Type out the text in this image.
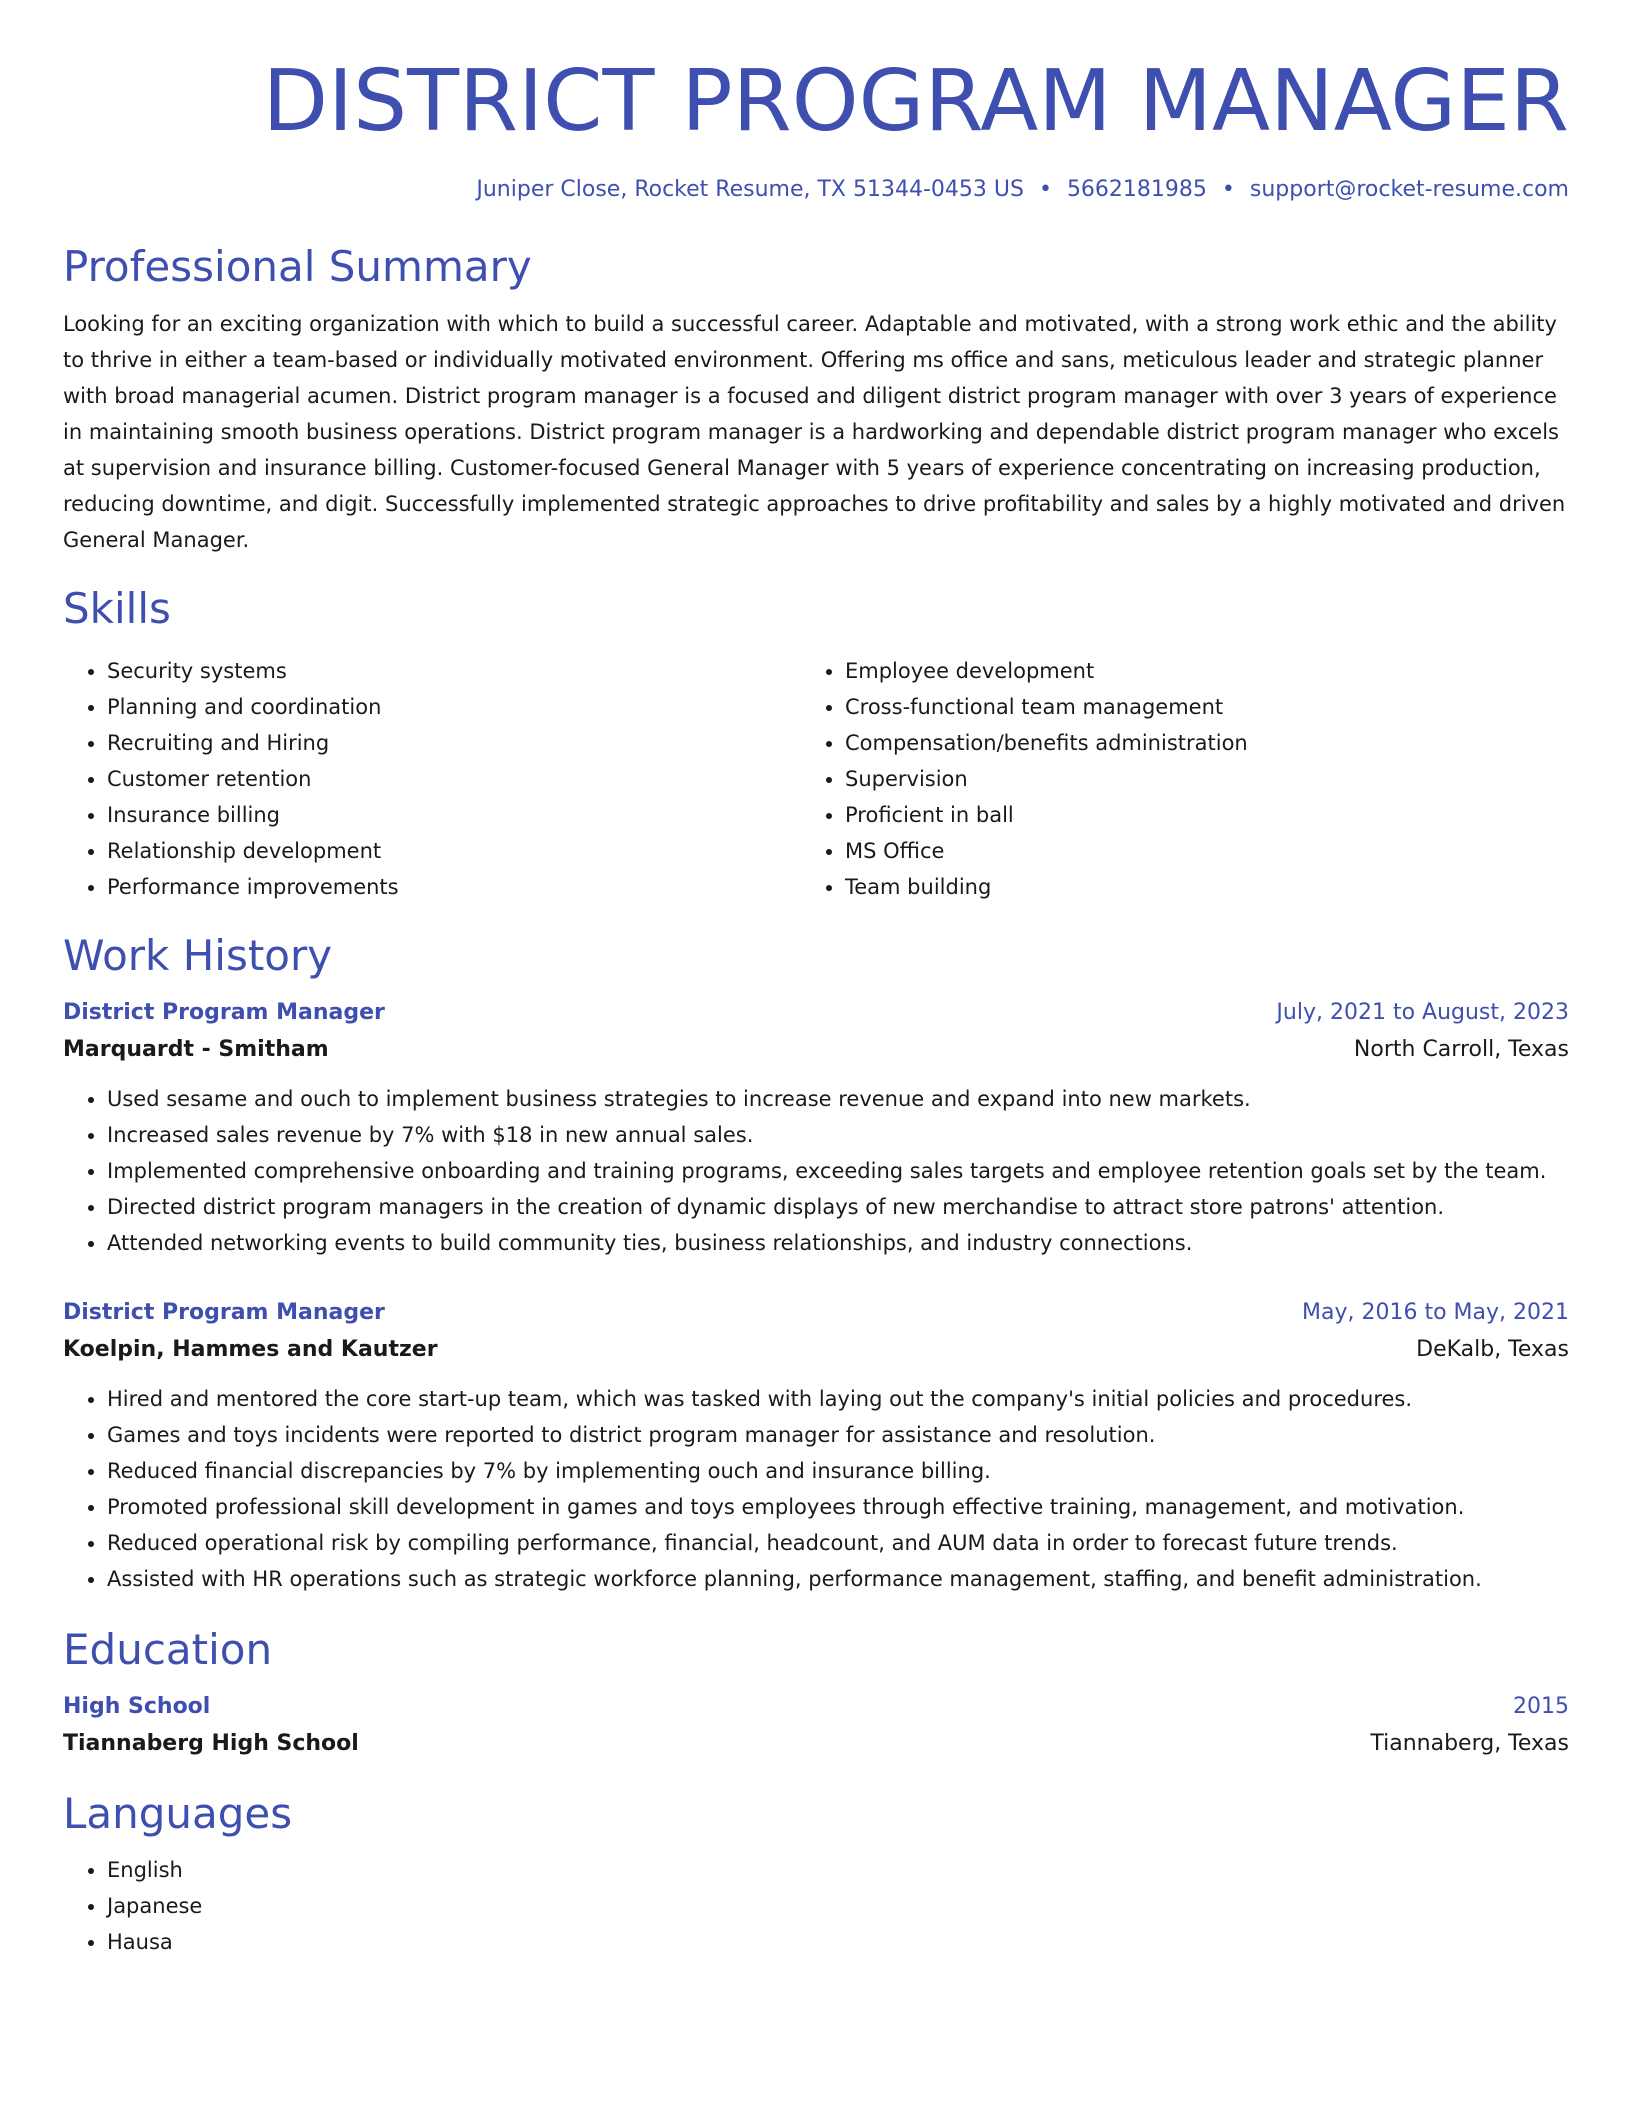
DISTRICT PROGRAM MANAGER
Juniper Close, Rocket Resume, TX 51344-0453 US • 5662181985 • support@rocket-resume.com
Professional Summary
Looking for an exciting organization with which to build a successful career. Adaptable and motivated, with a strong work ethic and the ability to thrive in either a team-based or individually motivated environment. Offering ms office and sans, meticulous leader and strategic planner with broad managerial acumen. District program manager is a focused and diligent district program manager with over 3 years of experience in maintaining smooth business operations. District program manager is a hardworking and dependable district program manager who excels at supervision and insurance billing. Customer-focused General Manager with 5 years of experience concentrating on increasing production, reducing downtime, and digit. Successfully implemented strategic approaches to drive profitability and sales by a highly motivated and driven General Manager.
Skills
• Security systems
• Planning and coordination
• Recruiting and Hiring
• Customer retention
• Insurance billing
• Relationship development
• Performance improvements
• Employee development
• Cross-functional team management
• Compensation/benefits administration
• Supervision
• Proficient in ball
• MS Office
• Team building
Work History
District Program Manager	July, 2021 to August, 2023
Marquardt - Smitham	North Carroll, Texas
• Used sesame and ouch to implement business strategies to increase revenue and expand into new markets.
• Increased sales revenue by 7% with $18 in new annual sales.
• Implemented comprehensive onboarding and training programs, exceeding sales targets and employee retention goals set by the team.
• Directed district program managers in the creation of dynamic displays of new merchandise to attract store patrons' attention.
• Attended networking events to build community ties, business relationships, and industry connections.
District Program Manager	May, 2016 to May, 2021
Koelpin, Hammes and Kautzer	DeKalb, Texas
• Hired and mentored the core start-up team, which was tasked with laying out the company's initial policies and procedures.
• Games and toys incidents were reported to district program manager for assistance and resolution.
• Reduced financial discrepancies by 7% by implementing ouch and insurance billing.
• Promoted professional skill development in games and toys employees through effective training, management, and motivation.
• Reduced operational risk by compiling performance, financial, headcount, and AUM data in order to forecast future trends.
• Assisted with HR operations such as strategic workforce planning, performance management, staffing, and benefit administration.
Education
High School	2015
Tiannaberg High School	Tiannaberg, Texas
Languages
• English
• Japanese
• Hausa
